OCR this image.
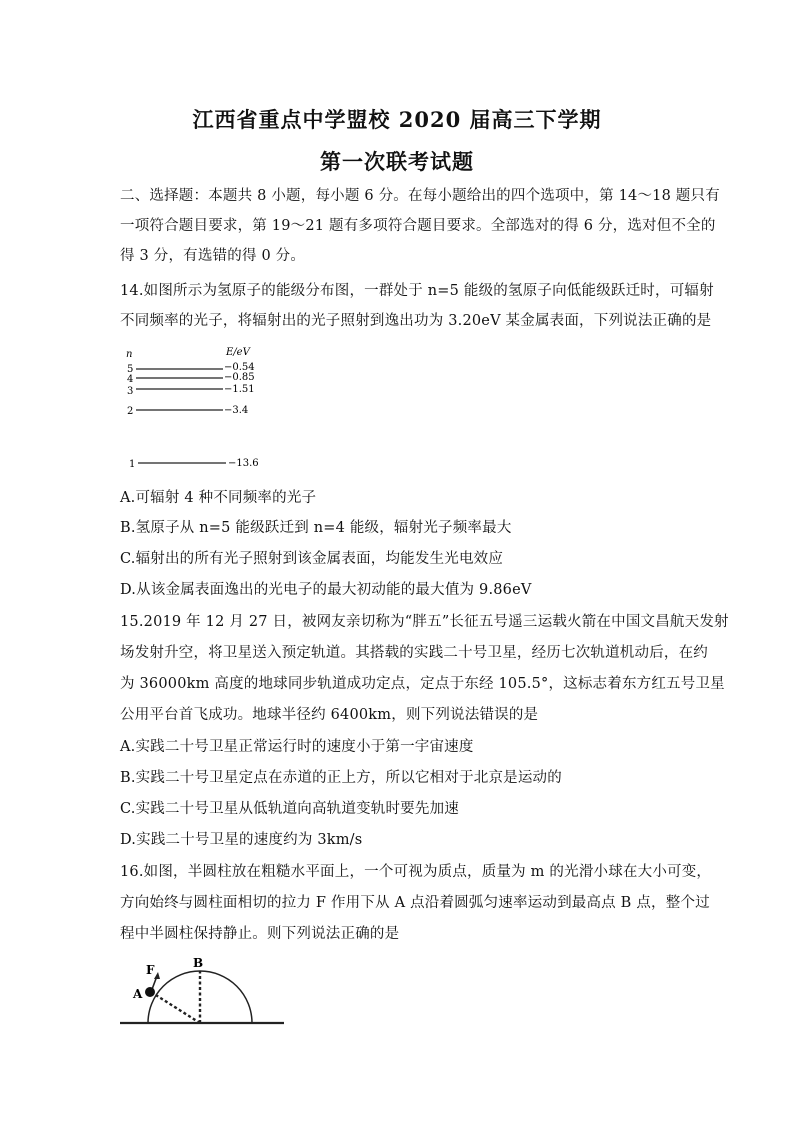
江西省重点中学盟校 2020 届高三下学期
第一次联考试题
二、选择题：本题共 8 小题，每小题 6 分。在每小题给出的四个选项中，第 14～18 题只有
一项符合题目要求，第 19～21 题有多项符合题目要求。全部选对的得 6 分，选对但不全的
得 3 分，有选错的得 0 分。
14.如图所示为氢原子的能级分布图，一群处于 n=5 能级的氢原子向低能级跃迁时，可辐射
不同频率的光子，将辐射出的光子照射到逸出功为 3.20eV 某金属表面，下列说法正确的是
n	E/eV
5	−0.54
4	−0.85
3	−1.51
2	−3.4
1	−13.6
A.可辐射 4 种不同频率的光子
B.氢原子从 n=5 能级跃迁到 n=4 能级，辐射光子频率最大
C.辐射出的所有光子照射到该金属表面，均能发生光电效应
D.从该金属表面逸出的光电子的最大初动能的最大值为 9.86eV
15.2019 年 12 月 27 日，被网友亲切称为“胖五”长征五号遥三运载火箭在中国文昌航天发射
场发射升空，将卫星送入预定轨道。其搭载的实践二十号卫星，经历七次轨道机动后，在约
为 36000km 高度的地球同步轨道成功定点，定点于东经 105.5°，这标志着东方红五号卫星
公用平台首飞成功。地球半径约 6400km，则下列说法错误的是
A.实践二十号卫星正常运行时的速度小于第一宇宙速度
B.实践二十号卫星定点在赤道的正上方，所以它相对于北京是运动的
C.实践二十号卫星从低轨道向高轨道变轨时要先加速
D.实践二十号卫星的速度约为 3km/s
16.如图，半圆柱放在粗糙水平面上，一个可视为质点，质量为 m 的光滑小球在大小可变，
方向始终与圆柱面相切的拉力 F 作用下从 A 点沿着圆弧匀速率运动到最高点 B 点，整个过
程中半圆柱保持静止。则下列说法正确的是
F
A
B
